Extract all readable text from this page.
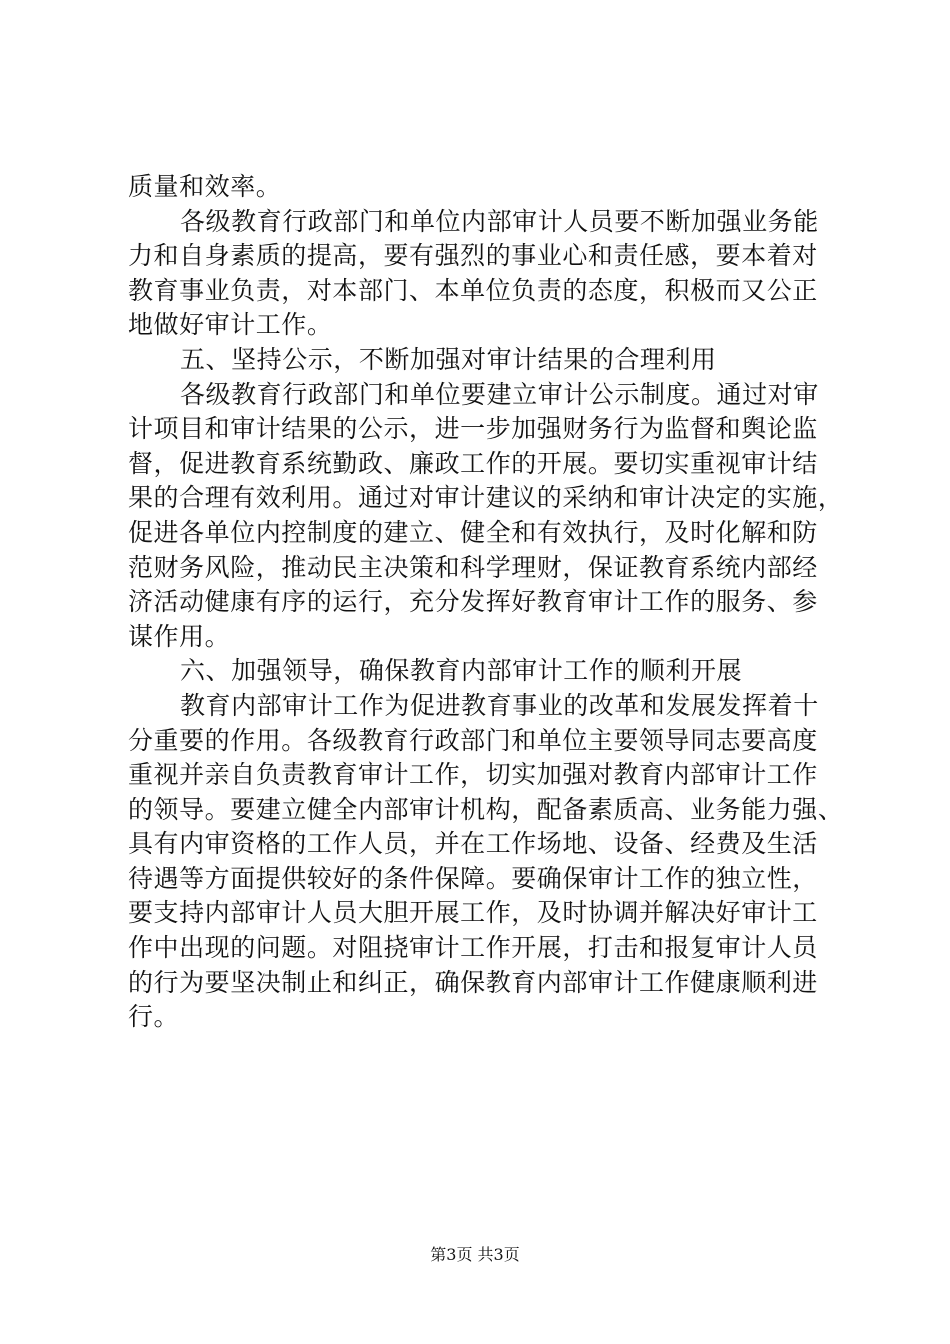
质量和效率。
各级教育行政部门和单位内部审计人员要不断加强业务能
力和自身素质的提高，要有强烈的事业心和责任感，要本着对
教育事业负责，对本部门、本单位负责的态度，积极而又公正
地做好审计工作。
五、坚持公示，不断加强对审计结果的合理利用
各级教育行政部门和单位要建立审计公示制度。通过对审
计项目和审计结果的公示，进一步加强财务行为监督和舆论监
督，促进教育系统勤政、廉政工作的开展。要切实重视审计结
果的合理有效利用。通过对审计建议的采纳和审计决定的实施，
促进各单位内控制度的建立、健全和有效执行，及时化解和防
范财务风险，推动民主决策和科学理财，保证教育系统内部经
济活动健康有序的运行，充分发挥好教育审计工作的服务、参
谋作用。
六、加强领导，确保教育内部审计工作的顺利开展
教育内部审计工作为促进教育事业的改革和发展发挥着十
分重要的作用。各级教育行政部门和单位主要领导同志要高度
重视并亲自负责教育审计工作，切实加强对教育内部审计工作
的领导。要建立健全内部审计机构，配备素质高、业务能力强、
具有内审资格的工作人员，并在工作场地、设备、经费及生活
待遇等方面提供较好的条件保障。要确保审计工作的独立性，
要支持内部审计人员大胆开展工作，及时协调并解决好审计工
作中出现的问题。对阻挠审计工作开展，打击和报复审计人员
的行为要坚决制止和纠正，确保教育内部审计工作健康顺利进
行。
第3页 共3页
